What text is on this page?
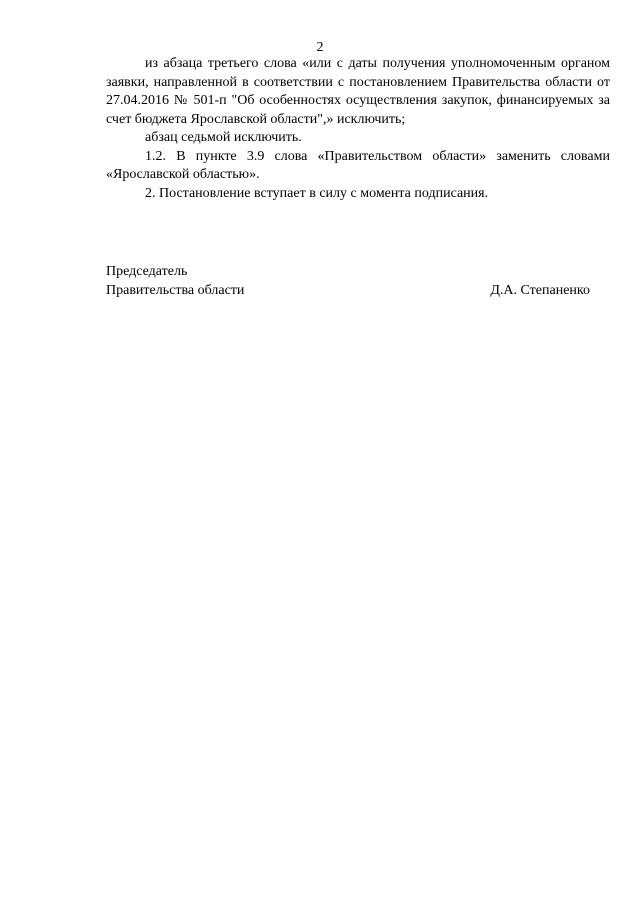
2

из абзаца третьего слова «или с даты получения уполномоченным органом заявки, направленной в соответствии с постановлением Правительства области от 27.04.2016 № 501-п "Об особенностях осуществления закупок, финансируемых за счет бюджета Ярославской области",» исключить;

абзац седьмой исключить.

1.2. В пункте 3.9 слова «Правительством области» заменить словами «Ярославской областью».

2. Постановление вступает в силу с момента подписания.

Председатель
Правительства области	Д.А. Степаненко
